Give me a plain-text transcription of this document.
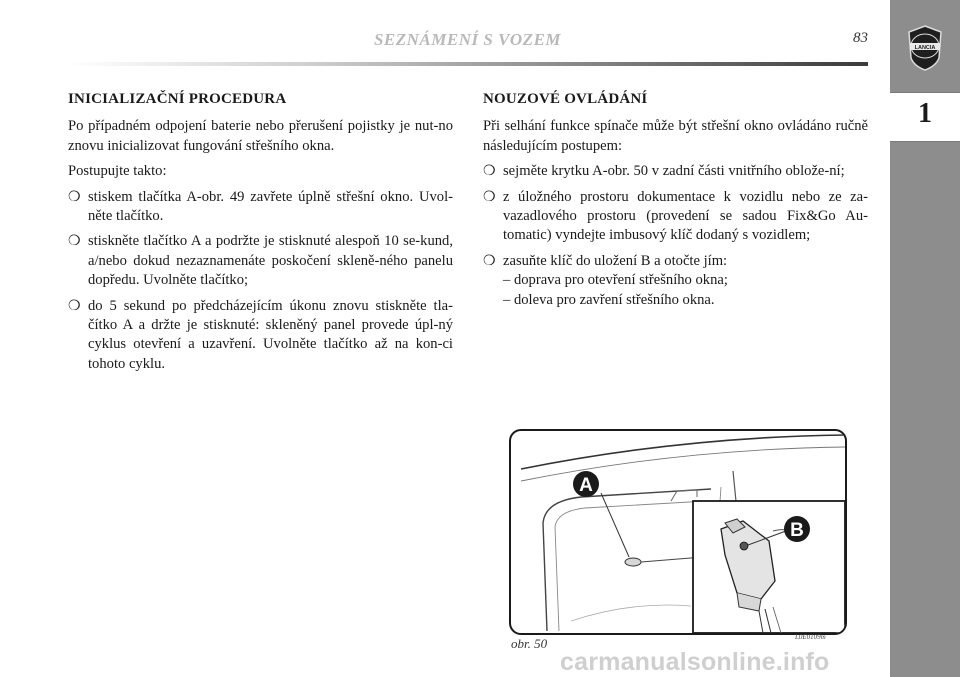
SEZNÁMENÍ S VOZEM	83
LANCIA
1
INICIALIZAČNÍ PROCEDURA

Po případném odpojení baterie nebo přerušení pojistky je nut-no znovu inicializovat fungování střešního okna.

Postupujte takto:

❍ stiskem tlačítka A-obr. 49 zavřete úplně střešní okno. Uvol-něte tlačítko.
❍ stiskněte tlačítko A a podržte je stisknuté alespoň 10 se-kund, a/nebo dokud nezaznamenáte poskočení skleně-ného panelu dopředu. Uvolněte tlačítko;
❍ do 5 sekund po předcházejícím úkonu znovu stiskněte tla-čítko A a držte je stisknuté: skleněný panel provede úpl-ný cyklus otevření a uzavření. Uvolněte tlačítko až na kon-ci tohoto cyklu.
NOUZOVÉ OVLÁDÁNÍ

Při selhání funkce spínače může být střešní okno ovládáno ručně následujícím postupem:

❍ sejměte krytku A-obr. 50 v zadní části vnitřního oblože-ní;
❍ z úložného prostoru dokumentace k vozidlu nebo ze za-vazadlového prostoru (provedení se sadou Fix&Go Au-tomatic) vyndejte imbusový klíč dodaný s vozidlem;
❍ zasuňte klíč do uložení B a otočte jím:
– doprava pro otevření střešního okna;
– doleva pro zavření střešního okna.
A
B
obr. 50	L0E0109m
carmanualsonline.info
